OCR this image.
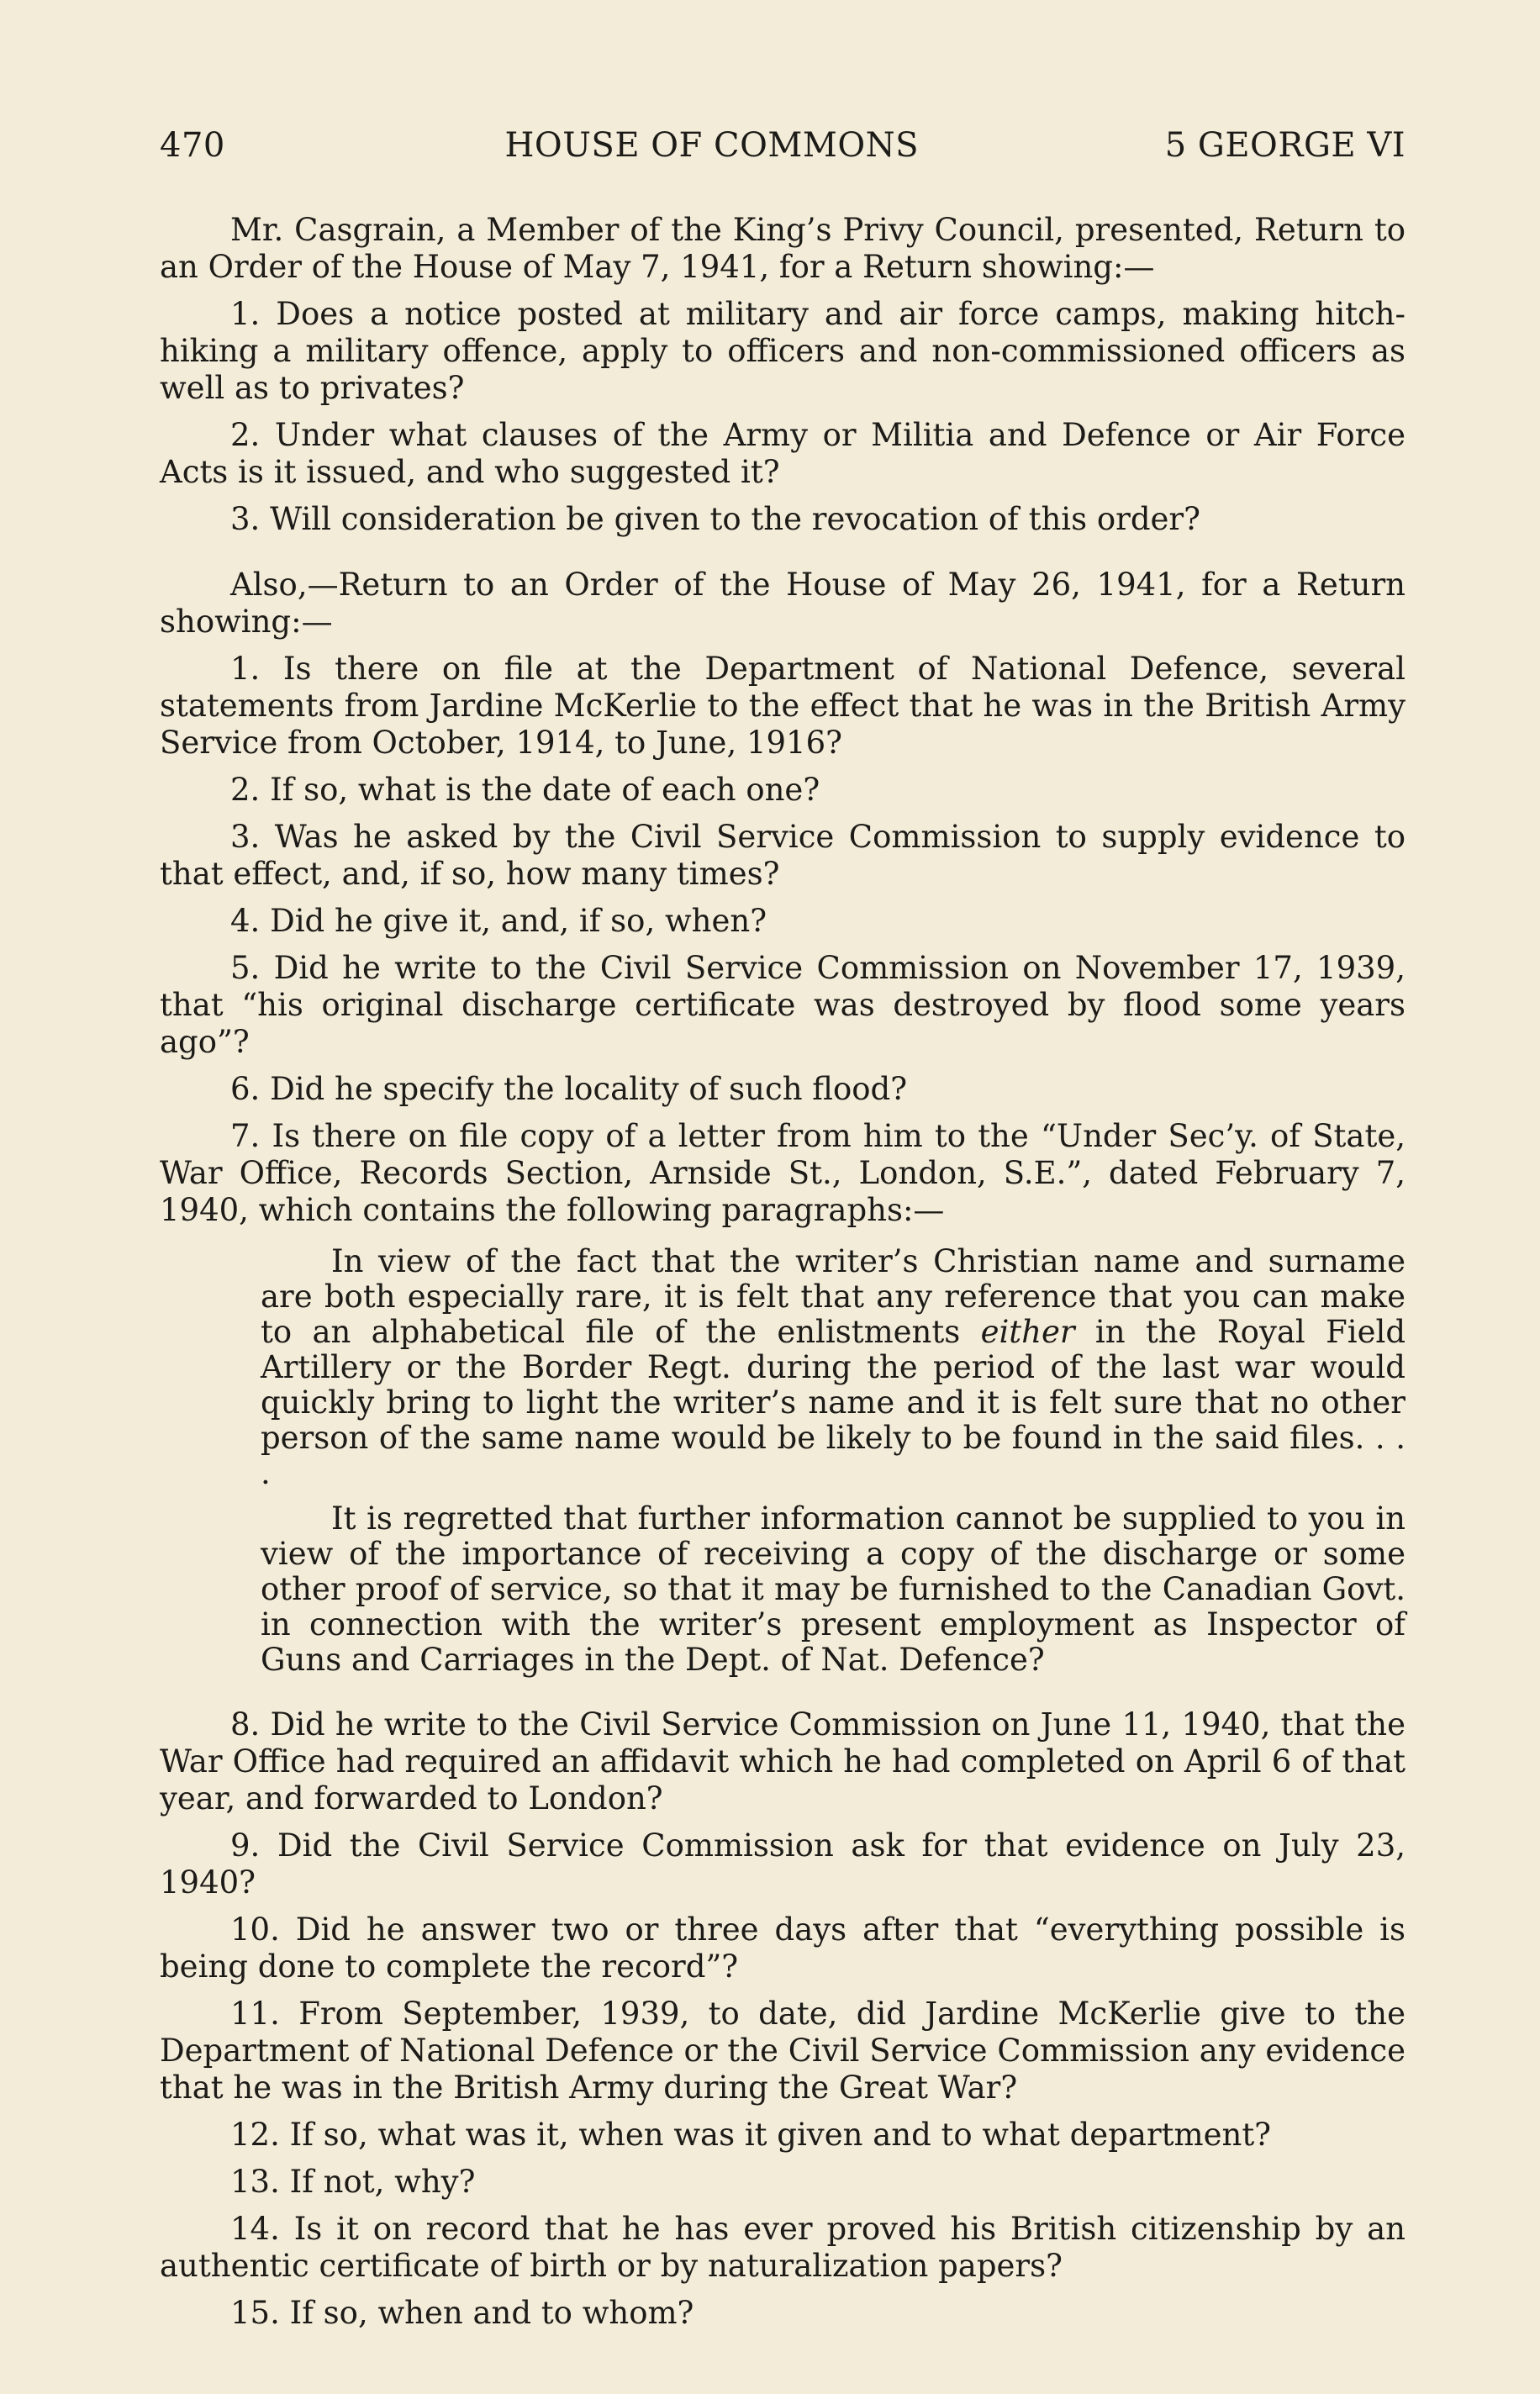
470	HOUSE OF COMMONS	5 GEORGE VI

Mr. Casgrain, a Member of the King’s Privy Council, presented, Return to an Order of the House of May 7, 1941, for a Return showing:—

1. Does a notice posted at military and air force camps, making hitch-hiking a military offence, apply to officers and non-commissioned officers as well as to privates?

2. Under what clauses of the Army or Militia and Defence or Air Force Acts is it issued, and who suggested it?

3. Will consideration be given to the revocation of this order?

Also,—Return to an Order of the House of May 26, 1941, for a Return showing:—

1. Is there on file at the Department of National Defence, several statements from Jardine McKerlie to the effect that he was in the British Army Service from October, 1914, to June, 1916?

2. If so, what is the date of each one?

3. Was he asked by the Civil Service Commission to supply evidence to that effect, and, if so, how many times?

4. Did he give it, and, if so, when?

5. Did he write to the Civil Service Commission on November 17, 1939, that “his original discharge certificate was destroyed by flood some years ago”?

6. Did he specify the locality of such flood?

7. Is there on file copy of a letter from him to the “Under Sec’y. of State, War Office, Records Section, Arnside St., London, S.E.”, dated February 7, 1940, which contains the following paragraphs:—

In view of the fact that the writer’s Christian name and surname are both especially rare, it is felt that any reference that you can make to an alphabetical file of the enlistments either in the Royal Field Artillery or the Border Regt. during the period of the last war would quickly bring to light the writer’s name and it is felt sure that no other person of the same name would be likely to be found in the said files. . . .

It is regretted that further information cannot be supplied to you in view of the importance of receiving a copy of the discharge or some other proof of service, so that it may be furnished to the Canadian Govt. in connection with the writer’s present employment as Inspector of Guns and Carriages in the Dept. of Nat. Defence?

8. Did he write to the Civil Service Commission on June 11, 1940, that the War Office had required an affidavit which he had completed on April 6 of that year, and forwarded to London?

9. Did the Civil Service Commission ask for that evidence on July 23, 1940?

10. Did he answer two or three days after that “everything possible is being done to complete the record”?

11. From September, 1939, to date, did Jardine McKerlie give to the Department of National Defence or the Civil Service Commission any evidence that he was in the British Army during the Great War?

12. If so, what was it, when was it given and to what department?

13. If not, why?

14. Is it on record that he has ever proved his British citizenship by an authentic certificate of birth or by naturalization papers?

15. If so, when and to whom?
